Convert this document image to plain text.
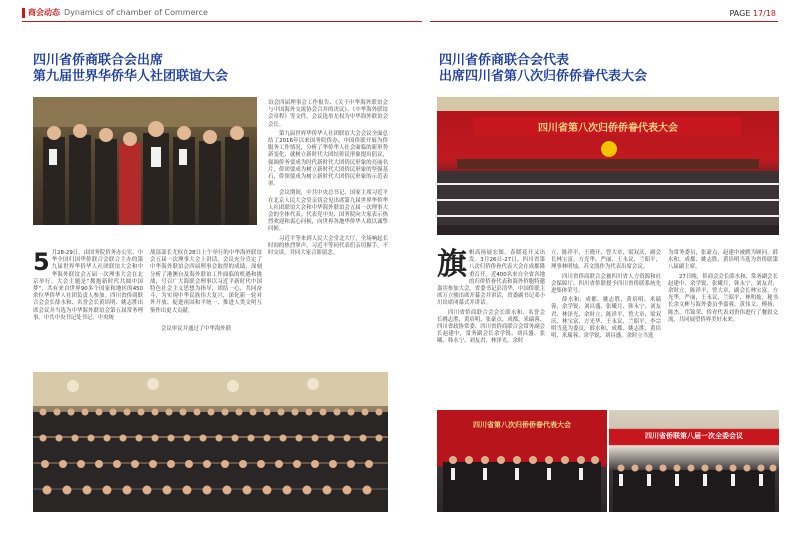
商会动态 Dynamics of chamber of Commerce	PAGE 17/18
四川省侨商联合会出席
第九届世界华侨华人社团联谊大会
5 月28-29日，由国务院侨务办公室、中华全国归国华侨联合会联合主办的第九届世界华侨华人社团联谊大会和中华海外联谊会五届一次理事大会在北京举行。大会主题是“拥抱新时代共圆中国梦”，共有来自世界90多个国家和地区的450余位华侨华人社团负责人参加。四川省侨商联合会会长薛水和、名誉会长黄培明、姚志胜出席会议并当选为中华海外联谊会第五届常务理事。中共中央书记处书记、中央统
战部部长尤权在28日上午举行的中华海外联谊会五届一次理事大会上讲话。会议充分肯定了中华海外联谊会四届理事会取得的成绩，深刻分析了港澳台及海外联谊工作面临的机遇和挑战，号召广大海联会理事以习近平新时代中国特色社会主义思想为指导，团结一心，共同奋斗，为实现中华民族伟大复兴，深化新一轮对外开放、促进祖国和平统一、推进人类文明互鉴作出更大贡献。
会议审议并通过了中华海外联
谊会四届理事会工作报告、《关于中华海外联谊会与中国海外交流协会合并的决议》、《中华海外联谊会章程》等文件。会议选举尤权为中华海外联谊会会长。
第九届世界华侨华人社团联谊大会会议全面总结了2016年以来国务院侨办、中国侨联开展为侨服务工作情况，分析了华侨华人社会面临的新形势新变化，就树立新时代大团结侨民形象提出倡议，强调侨务要成为时代新时代大团侨民形象的亮丽名片，侨团要成为树立新时代大团侨民形象的坚强基石，侨领要成为树立新时代大团侨民形象的示范表率。
会议期间，中共中央总书记、国家主席习近平在北京人民大会堂亲切会见出席第九届世界华侨华人社团联谊大会和中华海外联谊会五届一次理事大会的全体代表。代表党中央、国务院向大家表示热烈欢迎和衷心问候，向世界各地华侨华人致以诚挚问候。
习近平等来到人民大会堂北大厅，全场响起长时间的热烈掌声。习近平等同代表们亲切握手，不时交谈，并同大家合影留念。
四川省侨商联合会代表
出席四川省第八次归侨侨眷代表大会
四川省第八次归侨侨眷代表大会
旗帜高扬展宏图，春暖花开又出发。3月26日-27日，四川省第八次归侨侨眷代表大会在成都隆重召开。近400名来自全省各地的归侨侨眷代表和海外侨胞特邀嘉宾参加大会。省委书记彭清华、中国侨联主席万立骏出席开幕会并讲话，省委副书记邓小川出席闭幕式并讲话。
四川省侨商联合会会长薛水和、名誉会长姚志胜、黄培明、张豪点、成都、米瑞蓉、四川省政协常委、四川省侨商联合会常务副会长赵建中，常务副会长余学锐、刘昌盛、张曦、韩永宁、刘友君、林泽光、余时
立、陈祥平、王晓开、曾大章、梁双庆，副会长林宝富、方光华、严丽、王永议、兰昭平，理事林明灿、苏文凯作为代表出席会议。
四川省侨商联合会被四川省人力资源和社会保障厅、四川省侨联授予四川省侨联系统先进集体荣号。
薛水和、成都、姚志胜、黄培明、米瑞蓉、余学锐、刘昌盛、张曦月、韩永宁、刘友君、林泽光、余时立、陈祥平、曾大章、梁双庆、林宝富、方光华、王永议、兰昭平、李宗明当选为委员，薛水和、成都、姚志胜、黄培明、米瑞蓉、余学锐、刘昌盛、余时立当选
为常务委员，张豪点、赵建中被聘为顾问，薛水和、成都、姚志胜、黄培明当选为省侨联第八届副主席。
27日晚，侨商会会长薛水和、常务副会长赵建中、余学锐、张曦月，韩永宁，刘友君，余时立，陈祥平，曾大章，副会长林宝富，方光华，严丽，王永议，兰昭平，林明灿，秘书长余文彬与海外委员李嘉蓉、黄伟文、傅扬、陈杰、邝锦荣、侨青代表刘贵伟进行了餐叙交流，共同展望侨界美好未来。
四川省第八次归侨侨眷代表大会
四川省侨联第八届一次全委会议
